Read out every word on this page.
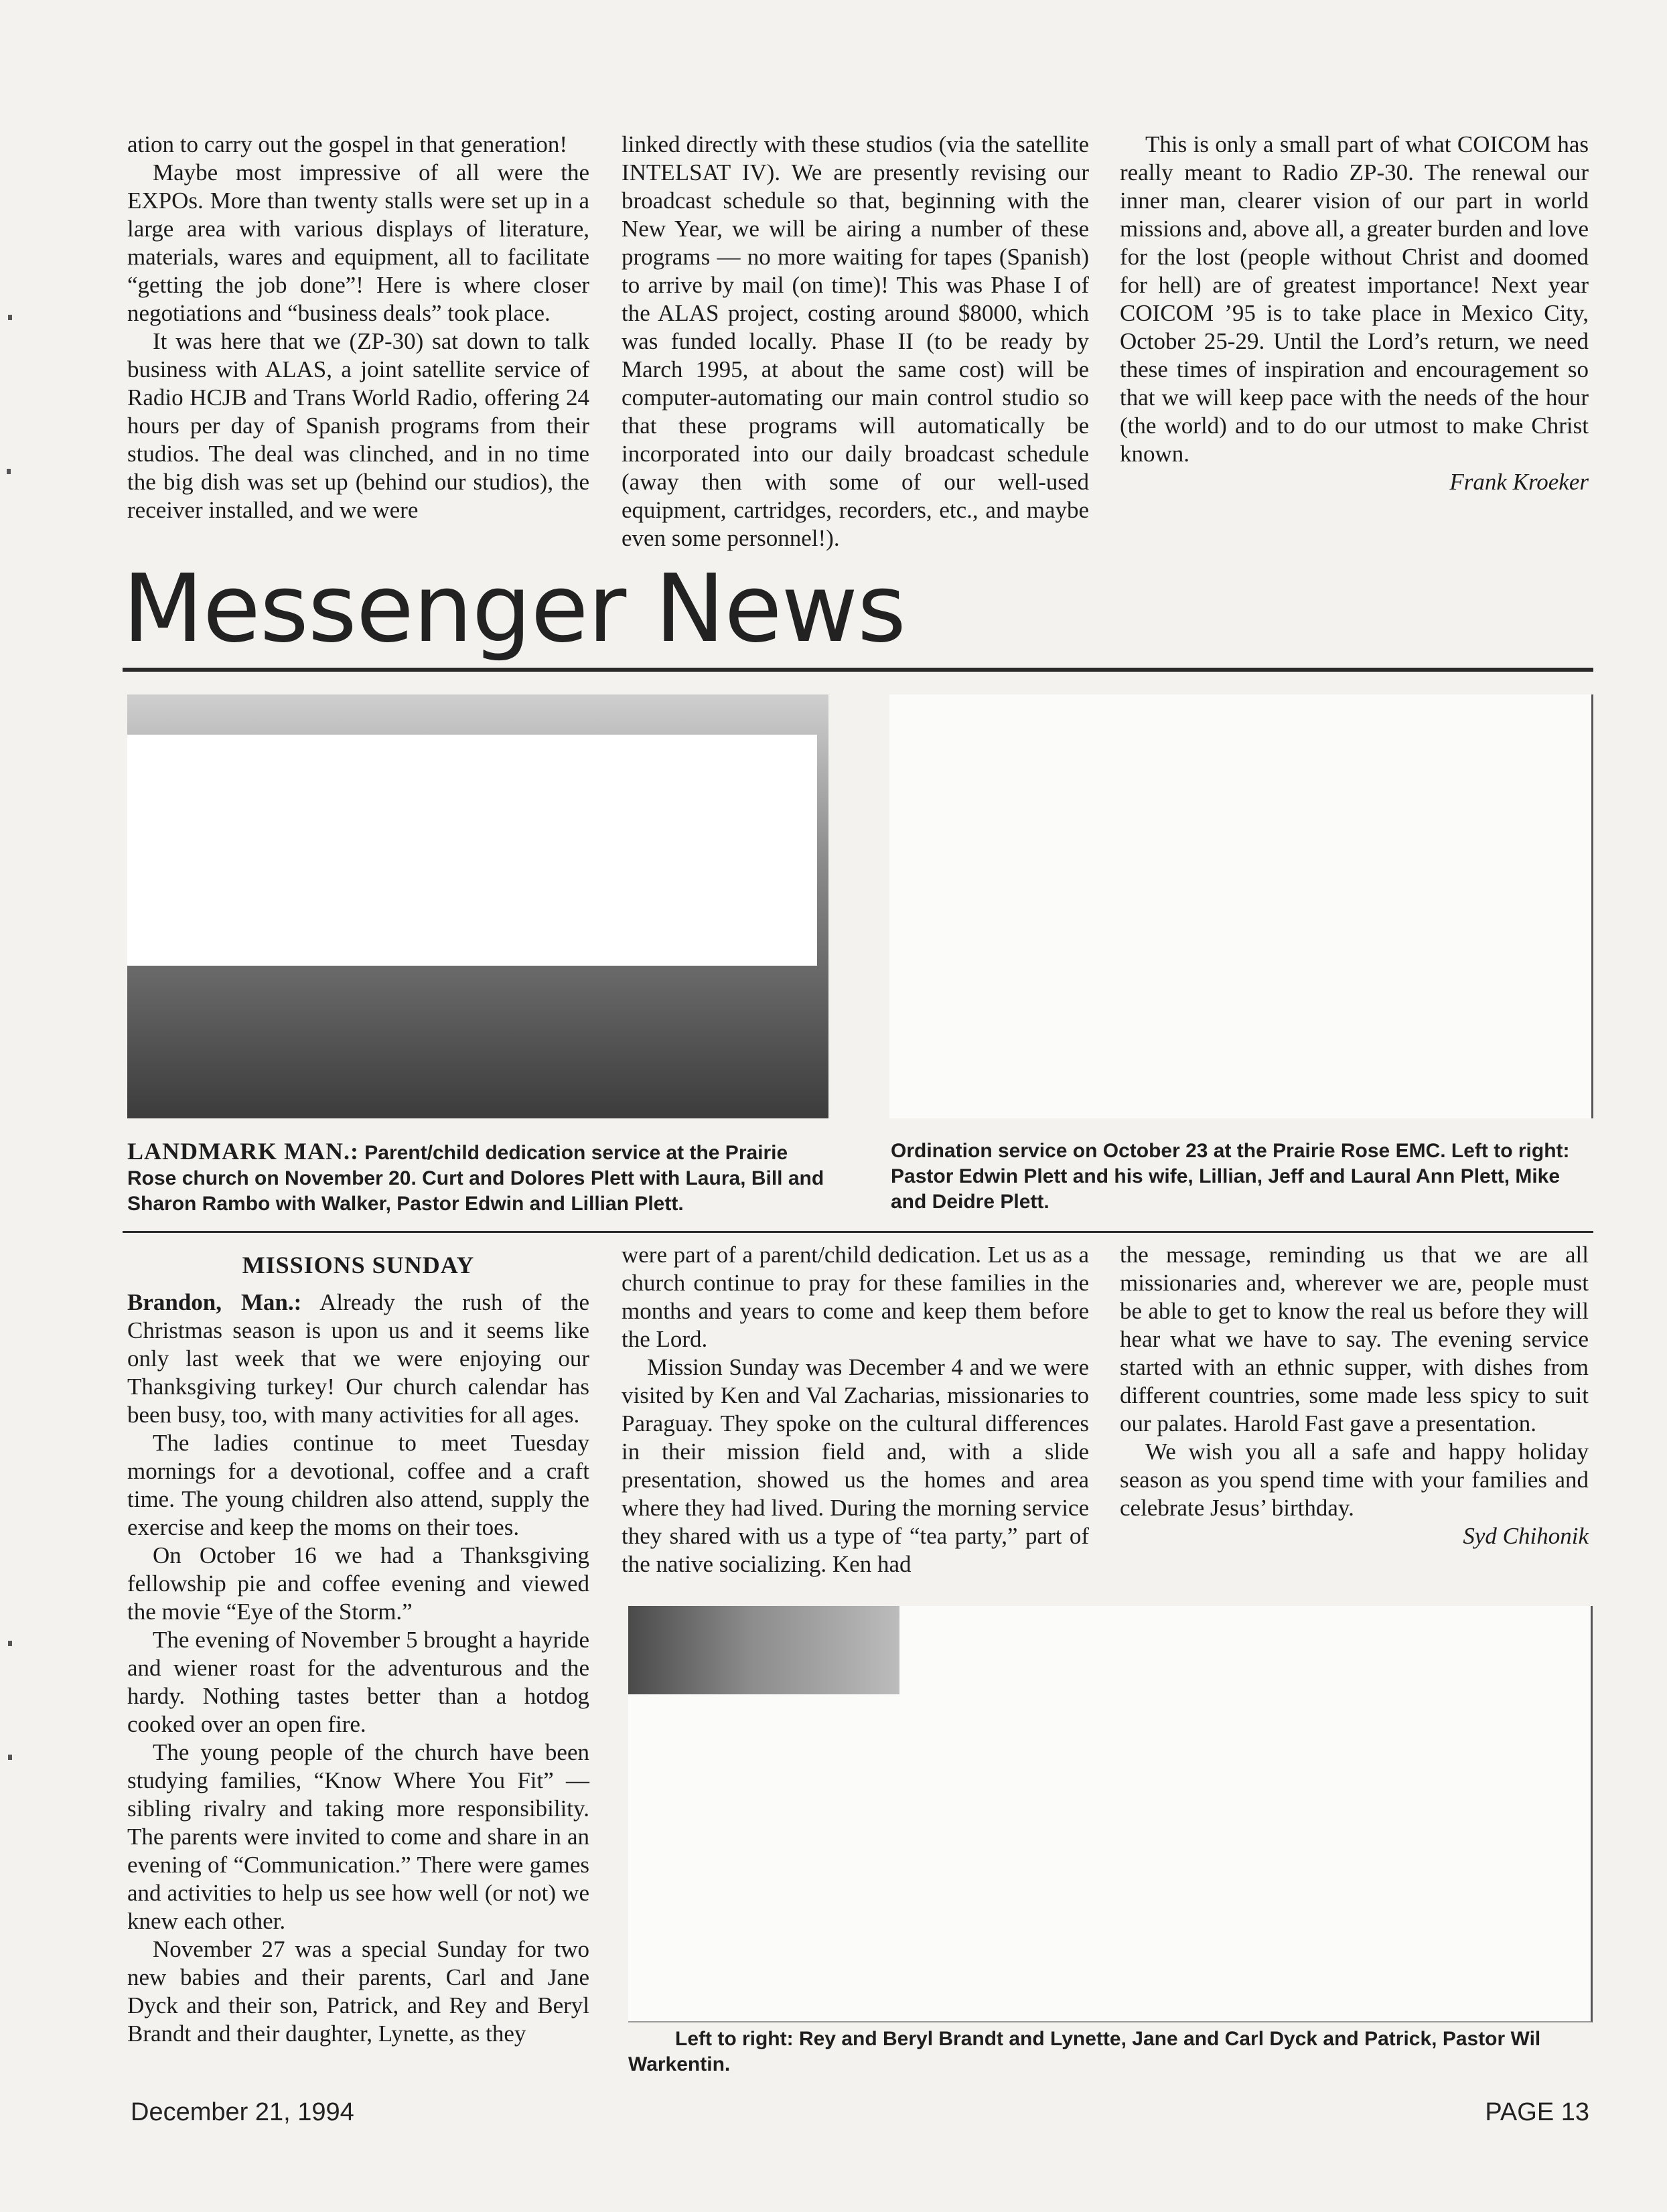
ation to carry out the gospel in that generation!

Maybe most impressive of all were the EXPOs. More than twenty stalls were set up in a large area with various displays of literature, materials, wares and equipment, all to facilitate “getting the job done”! Here is where closer negotiations and “business deals” took place.

It was here that we (ZP-30) sat down to talk business with ALAS, a joint satellite service of Radio HCJB and Trans World Radio, offering 24 hours per day of Spanish programs from their studios. The deal was clinched, and in no time the big dish was set up (behind our studios), the receiver installed, and we were

linked directly with these studios (via the satellite INTELSAT IV). We are presently revising our broadcast schedule so that, beginning with the New Year, we will be airing a number of these programs — no more waiting for tapes (Spanish) to arrive by mail (on time)! This was Phase I of the ALAS project, costing around $8000, which was funded locally. Phase II (to be ready by March 1995, at about the same cost) will be computer-automating our main control studio so that these programs will automatically be incorporated into our daily broadcast schedule (away then with some of our well-used equipment, cartridges, recorders, etc., and maybe even some personnel!).

This is only a small part of what COICOM has really meant to Radio ZP-30. The renewal our inner man, clearer vision of our part in world missions and, above all, a greater burden and love for the lost (people without Christ and doomed for hell) are of greatest importance! Next year COICOM ’95 is to take place in Mexico City, October 25-29. Until the Lord’s return, we need these times of inspiration and encouragement so that we will keep pace with the needs of the hour (the world) and to do our utmost to make Christ known.

Frank Kroeker

Messenger News
LANDMARK MAN.: Parent/child dedication service at the Prairie Rose church on November 20. Curt and Dolores Plett with Laura, Bill and Sharon Rambo with Walker, Pastor Edwin and Lillian Plett.
Ordination service on October 23 at the Prairie Rose EMC. Left to right: Pastor Edwin Plett and his wife, Lillian, Jeff and Laural Ann Plett, Mike and Deidre Plett.
MISSIONS SUNDAY

Brandon, Man.: Already the rush of the Christmas season is upon us and it seems like only last week that we were enjoying our Thanksgiving turkey! Our church calendar has been busy, too, with many activities for all ages.

The ladies continue to meet Tuesday mornings for a devotional, coffee and a craft time. The young children also attend, supply the exercise and keep the moms on their toes.

On October 16 we had a Thanksgiving fellowship pie and coffee evening and viewed the movie “Eye of the Storm.”

The evening of November 5 brought a hayride and wiener roast for the adventurous and the hardy. Nothing tastes better than a hotdog cooked over an open fire.

The young people of the church have been studying families, “Know Where You Fit” — sibling rivalry and taking more responsibility. The parents were invited to come and share in an evening of “Communication.” There were games and activities to help us see how well (or not) we knew each other.

November 27 was a special Sunday for two new babies and their parents, Carl and Jane Dyck and their son, Patrick, and Rey and Beryl Brandt and their daughter, Lynette, as they

were part of a parent/child dedication. Let us as a church continue to pray for these families in the months and years to come and keep them before the Lord.

Mission Sunday was December 4 and we were visited by Ken and Val Zacharias, missionaries to Paraguay. They spoke on the cultural differences in their mission field and, with a slide presentation, showed us the homes and area where they had lived. During the morning service they shared with us a type of “tea party,” part of the native socializing. Ken had

the message, reminding us that we are all missionaries and, wherever we are, people must be able to get to know the real us before they will hear what we have to say. The evening service started with an ethnic supper, with dishes from different countries, some made less spicy to suit our palates. Harold Fast gave a presentation.

We wish you all a safe and happy holiday season as you spend time with your families and celebrate Jesus’ birthday.

Syd Chihonik

Left to right: Rey and Beryl Brandt and Lynette, Jane and Carl Dyck and Patrick, Pastor Wil Warkentin.
December 21, 1994	PAGE 13
